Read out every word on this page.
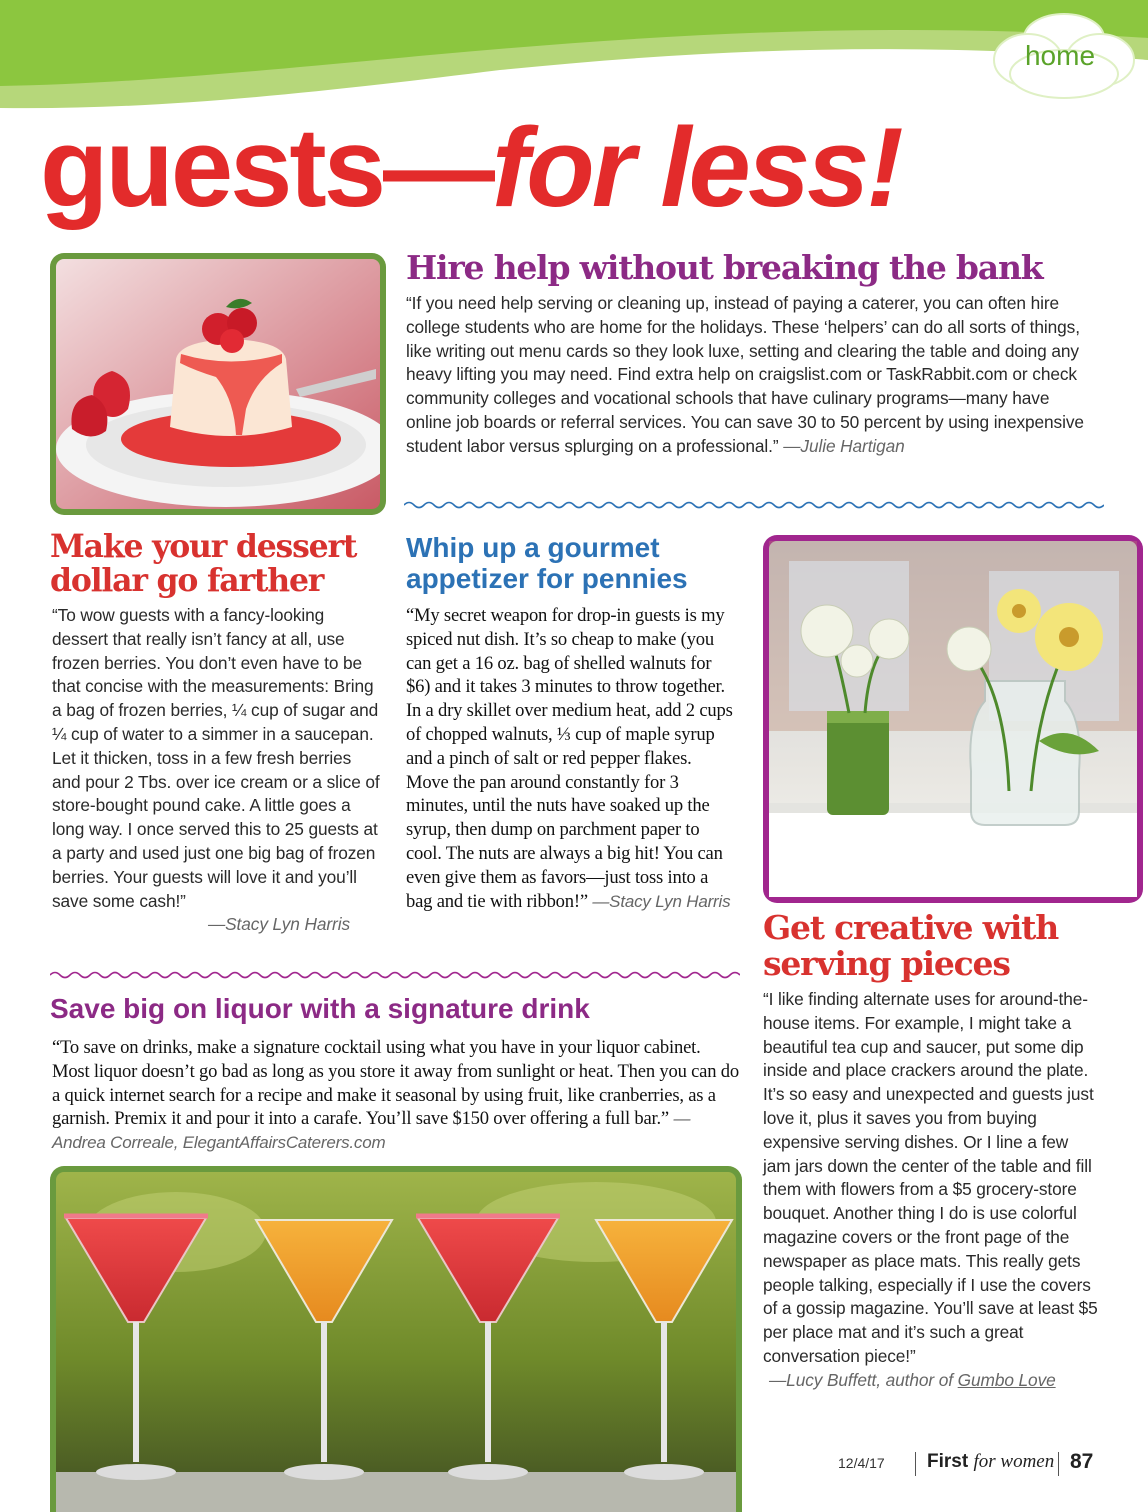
home
guests—for less!
Hire help without breaking the bank

“If you need help serving or cleaning up, instead of paying a caterer, you can often hire college students who are home for the holidays. These ‘helpers’ can do all sorts of things, like writing out menu cards so they look luxe, setting and clearing the table and doing any heavy lifting you may need. Find extra help on craigslist.com or TaskRabbit.com or check community colleges and vocational schools that have culinary programs—many have online job boards or referral services. You can save 30 to 50 percent by using inexpensive student labor versus splurging on a professional.” —Julie Hartigan

Make your dessert dollar go farther

“To wow guests with a fancy-looking dessert that really isn’t fancy at all, use frozen berries. You don’t even have to be that concise with the measurements: Bring a bag of frozen berries, ¼ cup of sugar and ¼ cup of water to a simmer in a saucepan. Let it thicken, toss in a few fresh berries and pour 2 Tbs. over ice cream or a slice of store-bought pound cake. A little goes a long way. I once served this to 25 guests at a party and used just one big bag of frozen berries. Your guests will love it and you’ll save some cash!”

—Stacy Lyn Harris

Whip up a gourmet appetizer for pennies

“My secret weapon for drop-in guests is my spiced nut dish. It’s so cheap to make (you can get a 16 oz. bag of shelled walnuts for $6) and it takes 3 minutes to throw together. In a dry skillet over medium heat, add 2 cups of chopped walnuts, ⅓ cup of maple syrup and a pinch of salt or red pepper flakes. Move the pan around constantly for 3 minutes, until the nuts have soaked up the syrup, then dump on parchment paper to cool. The nuts are always a big hit! You can even give them as favors—just toss into a bag and tie with ribbon!” —Stacy Lyn Harris

Save big on liquor with a signature drink

“To save on drinks, make a signature cocktail using what you have in your liquor cabinet. Most liquor doesn’t go bad as long as you store it away from sunlight or heat. Then you can do a quick internet search for a recipe and make it seasonal by using fruit, like cranberries, as a garnish. Premix it and pour it into a carafe. You’ll save $150 over offering a full bar.” —Andrea Correale, ElegantAffairsCaterers.com

Get creative with serving pieces

“I like finding alternate uses for around-the-house items. For example, I might take a beautiful tea cup and saucer, put some dip inside and place crackers around the plate. It’s so easy and unexpected and guests just love it, plus it saves you from buying expensive serving dishes. Or I line a few jam jars down the center of the table and fill them with flowers from a $5 grocery-store bouquet. Another thing I do is use colorful magazine covers or the front page of the newspaper as place mats. This really gets people talking, especially if I use the covers of a gossip magazine. You’ll save at least $5 per place mat and it’s such a great conversation piece!”
—Lucy Buffett, author of Gumbo Love

12/4/17 First for women 87
